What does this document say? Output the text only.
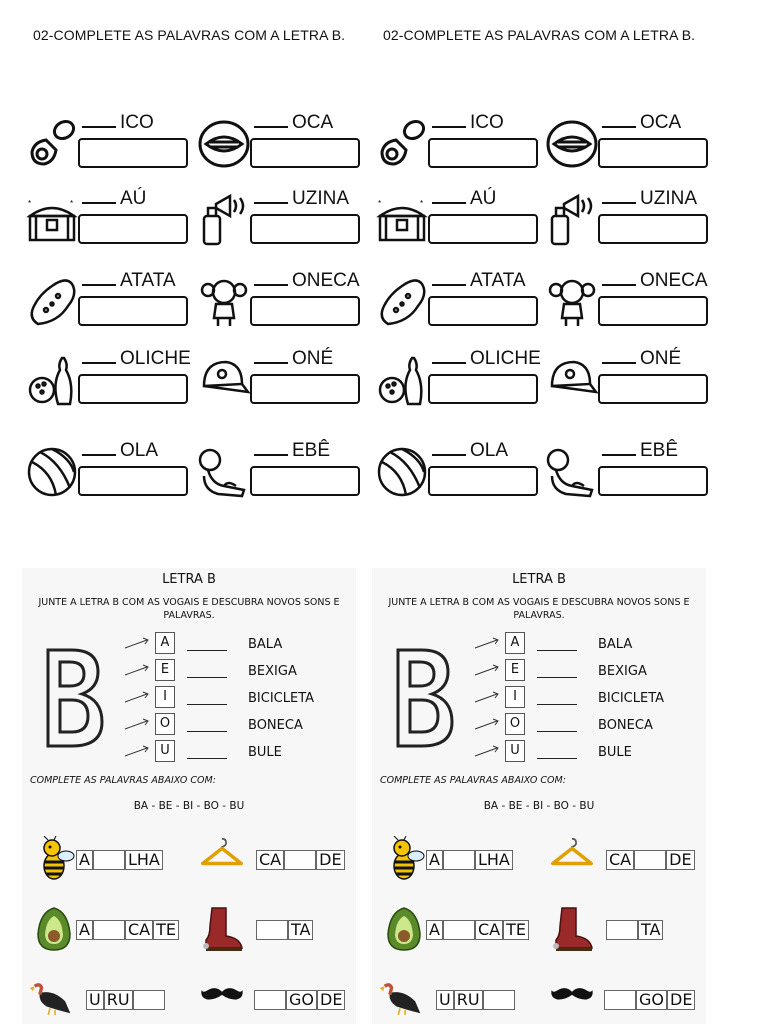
02-COMPLETE AS PALAVRAS COM A LETRA B.	02-COMPLETE AS PALAVRAS COM A LETRA B.
ICO	ICO
OCA	OCA
*	*	AÚ	*	*	AÚ
UZINA	UZINA
ATATA	ATATA
ONECA	ONECA
OLICHE	OLICHE
ONÉ	ONÉ
OLA	OLA
EBÊ	EBÊ
LETRA B
JUNTE A LETRA B COM AS VOGAIS E DESCUBRA NOVOS SONS E PALAVRAS.
A	BALA
E	BEXIGA
I	BICICLETA
O	BONECA
U	BULE
COMPLETE AS PALAVRAS ABAIXO COM:
BA - BE - BI - BO - BU
A LHA	CA DE
A CA TE	TA
U RU	GO DE
LETRA B
JUNTE A LETRA B COM AS VOGAIS E DESCUBRA NOVOS SONS E PALAVRAS.
A	BALA
E	BEXIGA
I	BICICLETA
O	BONECA
U	BULE
COMPLETE AS PALAVRAS ABAIXO COM:
BA - BE - BI - BO - BU
A LHA	CA DE
A CA TE	TA
U RU	GO DE
